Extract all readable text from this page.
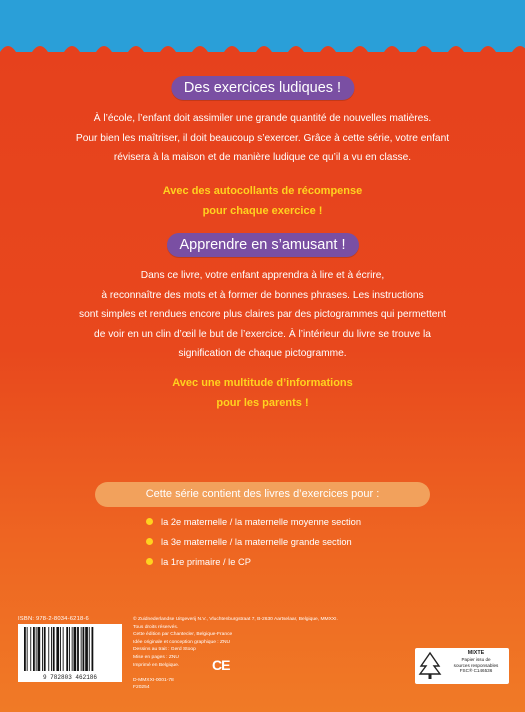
Des exercices ludiques !
À l’école, l’enfant doit assimiler une grande quantité de nouvelles matières.
Pour bien les maîtriser, il doit beaucoup s’exercer. Grâce à cette série, votre enfant
révisera à la maison et de manière ludique ce qu’il a vu en classe.
Avec des autocollants de récompense
pour chaque exercice !
Apprendre en s’amusant !
Dans ce livre, votre enfant apprendra à lire et à écrire,
à reconnaître des mots et à former de bonnes phrases. Les instructions
sont simples et rendues encore plus claires par des pictogrammes qui permettent
de voir en un clin d’œil le but de l’exercice. À l’intérieur du livre se trouve la
signification de chaque pictogramme.
Avec une multitude d’informations
pour les parents !
Cette série contient des livres d’exercices pour :
la 2e maternelle / la maternelle moyenne section
la 3e maternelle / la maternelle grande section
la 1re primaire / le CP
ISBN: 978-2-8034-6218-6
9 782803 462186
© Zuidnederlandse Uitgeverij N.V., Vluchtenburgstraat 7, B-2630 Aartselaar, Belgique, MMXXI.
Tous droits réservés.
Cette édition par Chantecler, Belgique-France
Idée originale et conception graphique : ZNU
Dessins au trait : Gerd Stoop
Mise en pages : ZNU
Imprimé en Belgique.
D-MMXXI-0001-78
F20254
CE
MIXTE
Papier issu de
sources responsables
FSC® C146536
